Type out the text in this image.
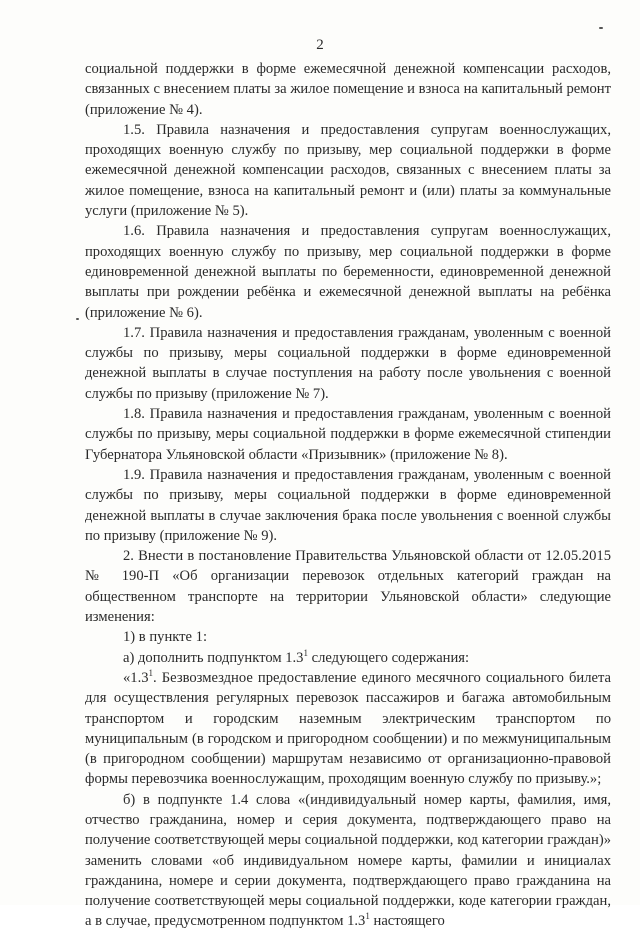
2

социальной поддержки в форме ежемесячной денежной компенсации расходов, связанных с внесением платы за жилое помещение и взноса на капитальный ремонт (приложение № 4).

1.5. Правила назначения и предоставления супругам военнослужащих, проходящих военную службу по призыву, мер социальной поддержки в форме ежемесячной денежной компенсации расходов, связанных с внесением платы за жилое помещение, взноса на капитальный ремонт и (или) платы за коммунальные услуги (приложение № 5).

1.6. Правила назначения и предоставления супругам военнослужащих, проходящих военную службу по призыву, мер социальной поддержки в форме единовременной денежной выплаты по беременности, единовременной денежной выплаты при рождении ребёнка и ежемесячной денежной выплаты на ребёнка (приложение № 6).

1.7. Правила назначения и предоставления гражданам, уволенным с военной службы по призыву, меры социальной поддержки в форме единовременной денежной выплаты в случае поступления на работу после увольнения с военной службы по призыву (приложение № 7).

1.8. Правила назначения и предоставления гражданам, уволенным с военной службы по призыву, меры социальной поддержки в форме ежемесячной стипендии Губернатора Ульяновской области «Призывник» (приложение № 8).

1.9. Правила назначения и предоставления гражданам, уволенным с военной службы по призыву, меры социальной поддержки в форме единовременной денежной выплаты в случае заключения брака после увольнения с военной службы по призыву (приложение № 9).

2. Внести в постановление Правительства Ульяновской области от 12.05.2015 № 190-П «Об организации перевозок отдельных категорий граждан на общественном транспорте на территории Ульяновской области» следующие изменения:

1) в пункте 1:

а) дополнить подпунктом $1.3^1$ следующего содержания:

«$1.3^1$. Безвозмездное предоставление единого месячного социального билета для осуществления регулярных перевозок пассажиров и багажа автомобильным транспортом и городским наземным электрическим транспортом по муниципальным (в городском и пригородном сообщении) и по межмуниципальным (в пригородном сообщении) маршрутам независимо от организационно-правовой формы перевозчика военнослужащим, проходящим военную службу по призыву.»;

б) в подпункте 1.4 слова «(индивидуальный номер карты, фамилия, имя, отчество гражданина, номер и серия документа, подтверждающего право на получение соответствующей меры социальной поддержки, код категории граждан)» заменить словами «об индивидуальном номере карты, фамилии и инициалах гражданина, номере и серии документа, подтверждающего право гражданина на получение соответствующей меры социальной поддержки, коде категории граждан, а в случае, предусмотренном подпунктом $1.3^1$ настоящего
